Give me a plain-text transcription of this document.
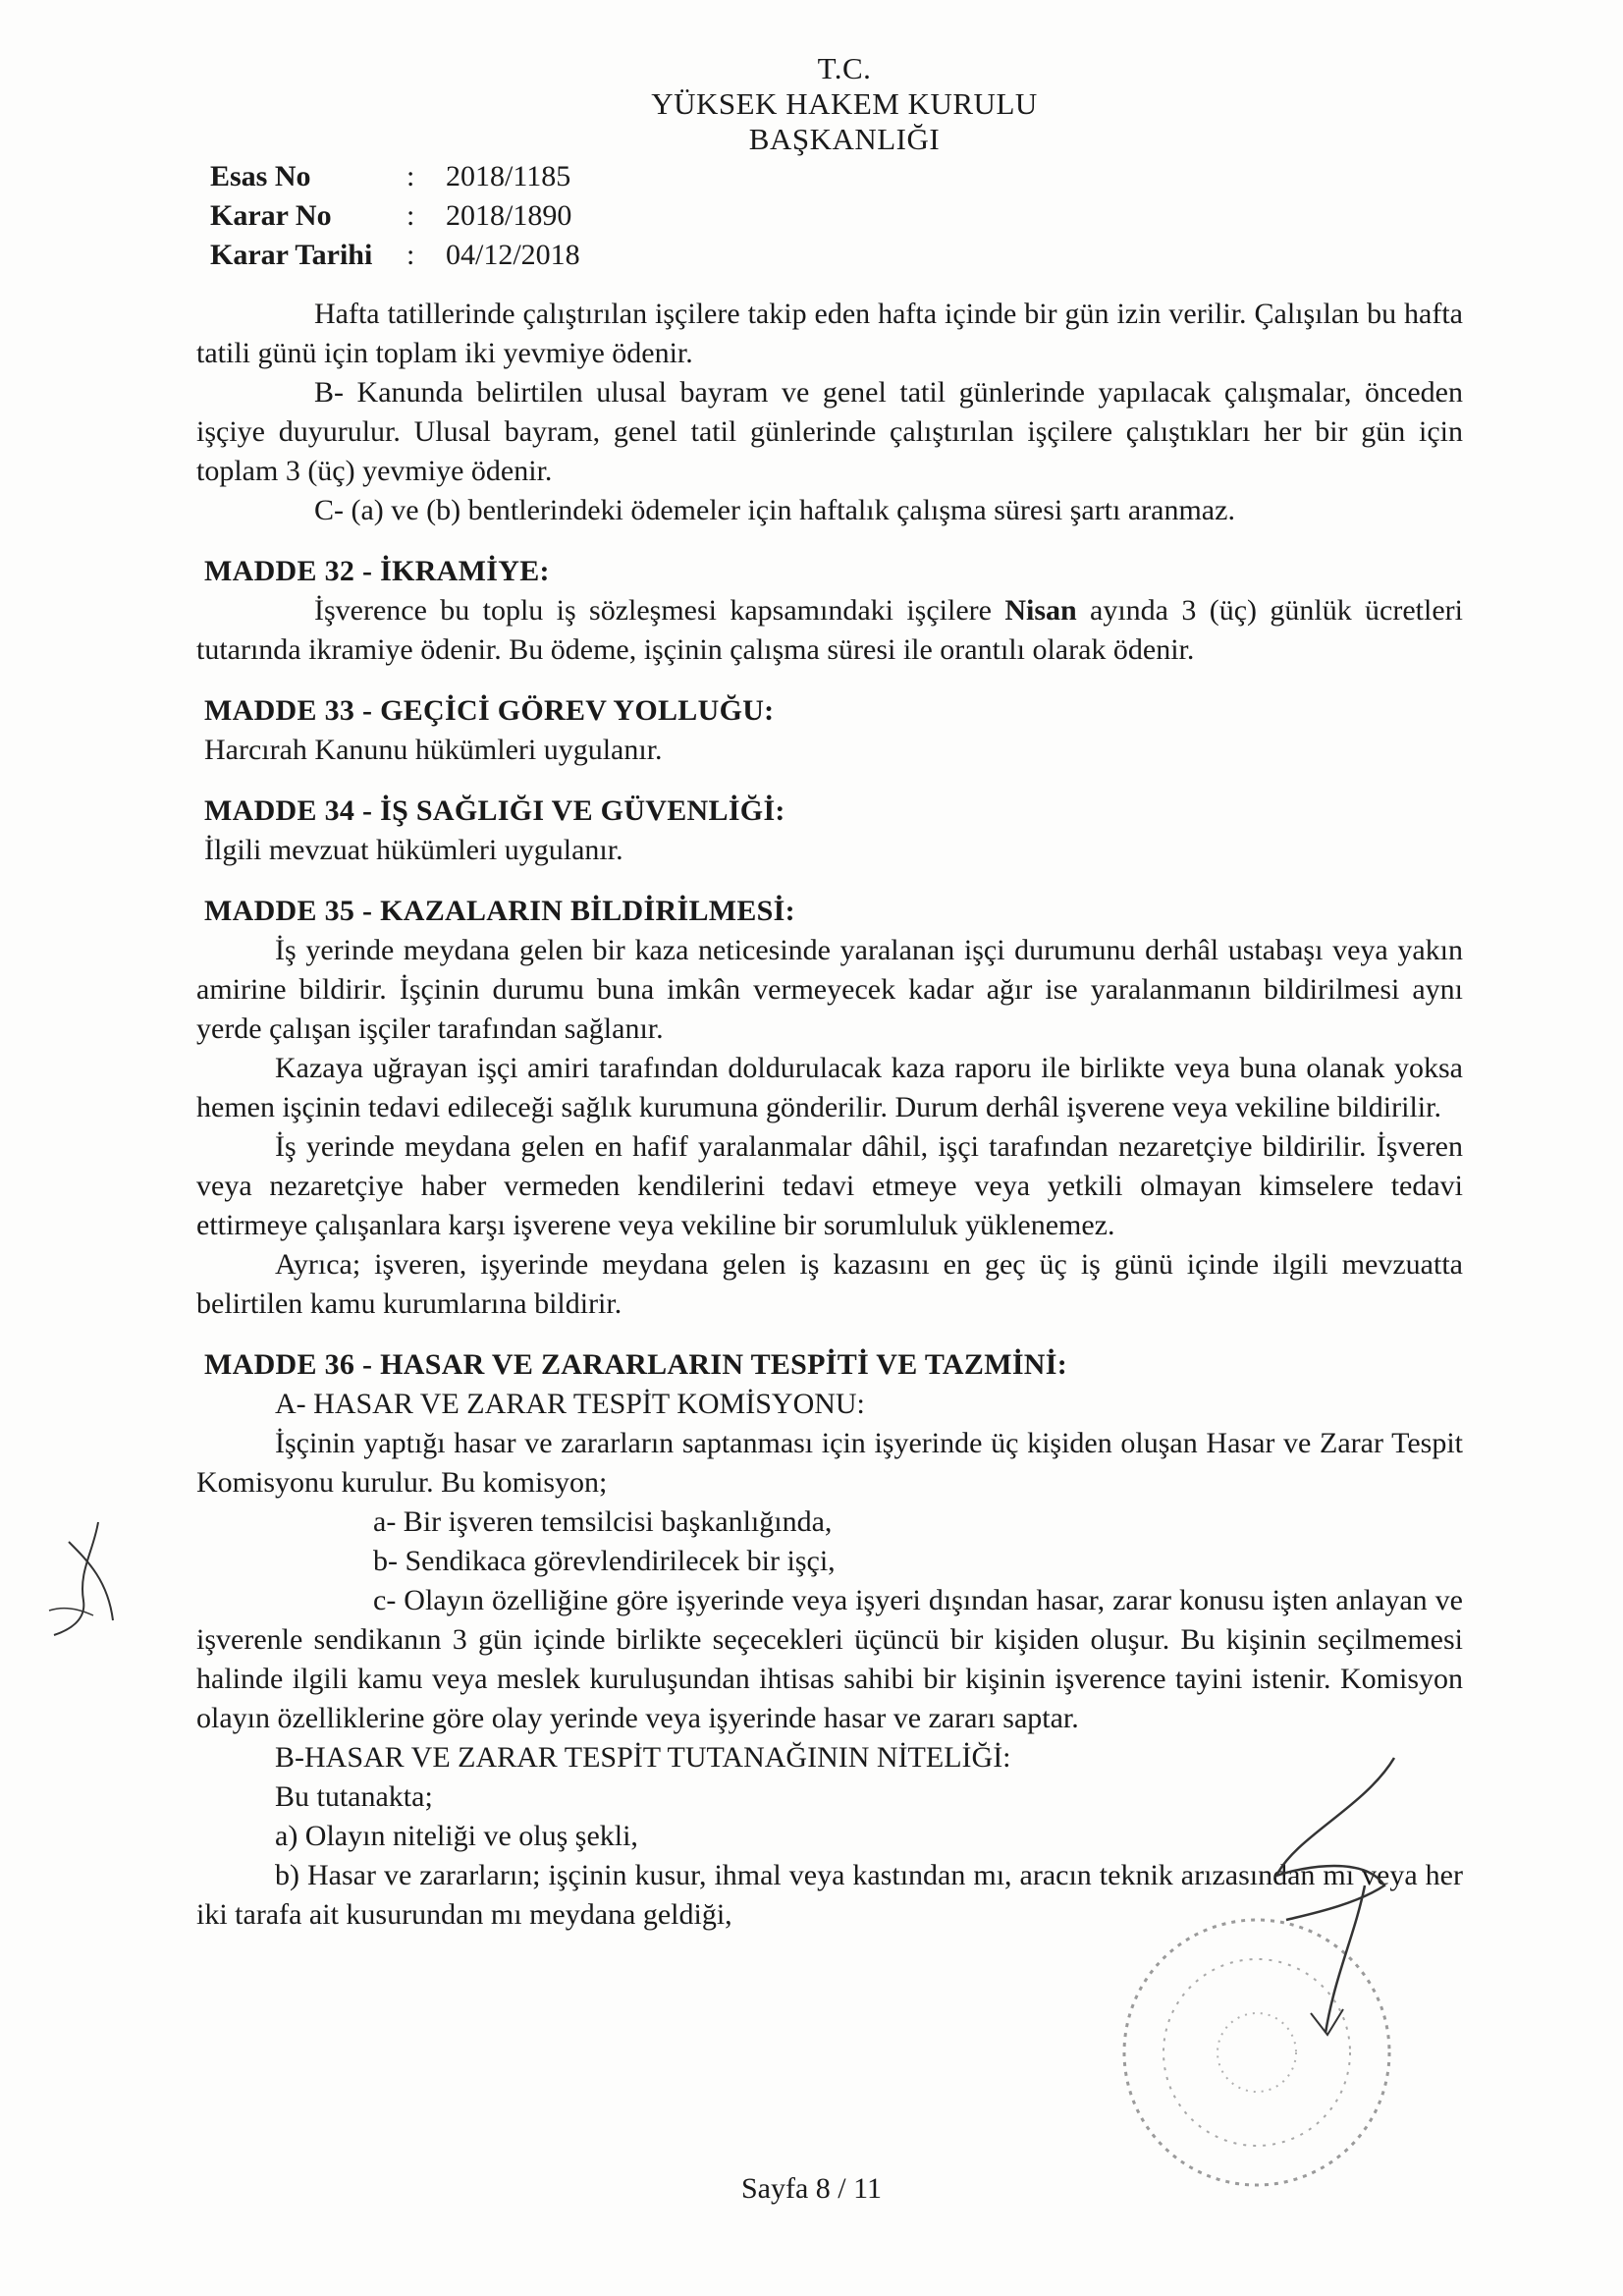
T.C.
YÜKSEK HAKEM KURULU
BAŞKANLIĞI
Esas No	:	2018/1185
Karar No	:	2018/1890
Karar Tarihi	:	04/12/2018

Hafta tatillerinde çalıştırılan işçilere takip eden hafta içinde bir gün izin verilir. Çalışılan bu hafta tatili günü için toplam iki yevmiye ödenir.

B- Kanunda belirtilen ulusal bayram ve genel tatil günlerinde yapılacak çalışmalar, önceden işçiye duyurulur. Ulusal bayram, genel tatil günlerinde çalıştırılan işçilere çalıştıkları her bir gün için toplam 3 (üç) yevmiye ödenir.

C- (a) ve (b) bentlerindeki ödemeler için haftalık çalışma süresi şartı aranmaz.

MADDE 32 - İKRAMİYE:

İşverence bu toplu iş sözleşmesi kapsamındaki işçilere Nisan ayında 3 (üç) günlük ücretleri tutarında ikramiye ödenir. Bu ödeme, işçinin çalışma süresi ile orantılı olarak ödenir.

MADDE 33 - GEÇİCİ GÖREV YOLLUĞU:

Harcırah Kanunu hükümleri uygulanır.

MADDE 34 - İŞ SAĞLIĞI VE GÜVENLİĞİ:

İlgili mevzuat hükümleri uygulanır.

MADDE 35 - KAZALARIN BİLDİRİLMESİ:

İş yerinde meydana gelen bir kaza neticesinde yaralanan işçi durumunu derhâl ustabaşı veya yakın amirine bildirir. İşçinin durumu buna imkân vermeyecek kadar ağır ise yaralanmanın bildirilmesi aynı yerde çalışan işçiler tarafından sağlanır.

Kazaya uğrayan işçi amiri tarafından doldurulacak kaza raporu ile birlikte veya buna olanak yoksa hemen işçinin tedavi edileceği sağlık kurumuna gönderilir. Durum derhâl işverene veya vekiline bildirilir.

İş yerinde meydana gelen en hafif yaralanmalar dâhil, işçi tarafından nezaretçiye bildirilir. İşveren veya nezaretçiye haber vermeden kendilerini tedavi etmeye veya yetkili olmayan kimselere tedavi ettirmeye çalışanlara karşı işverene veya vekiline bir sorumluluk yüklenemez.

Ayrıca; işveren, işyerinde meydana gelen iş kazasını en geç üç iş günü içinde ilgili mevzuatta belirtilen kamu kurumlarına bildirir.

MADDE 36 - HASAR VE ZARARLARIN TESPİTİ VE TAZMİNİ:

A- HASAR VE ZARAR TESPİT KOMİSYONU:

İşçinin yaptığı hasar ve zararların saptanması için işyerinde üç kişiden oluşan Hasar ve Zarar Tespit Komisyonu kurulur. Bu komisyon;

a- Bir işveren temsilcisi başkanlığında,

b- Sendikaca görevlendirilecek bir işçi,

c- Olayın özelliğine göre işyerinde veya işyeri dışından hasar, zarar konusu işten anlayan ve işverenle sendikanın 3 gün içinde birlikte seçecekleri üçüncü bir kişiden oluşur. Bu kişinin seçilmemesi halinde ilgili kamu veya meslek kuruluşundan ihtisas sahibi bir kişinin işverence tayini istenir. Komisyon olayın özelliklerine göre olay yerinde veya işyerinde hasar ve zararı saptar.

B-HASAR VE ZARAR TESPİT TUTANAĞININ NİTELİĞİ:

Bu tutanakta;

a) Olayın niteliği ve oluş şekli,

b) Hasar ve zararların; işçinin kusur, ihmal veya kastından mı, aracın teknik arızasından mı veya her iki tarafa ait kusurundan mı meydana geldiği,

Sayfa 8 / 11
